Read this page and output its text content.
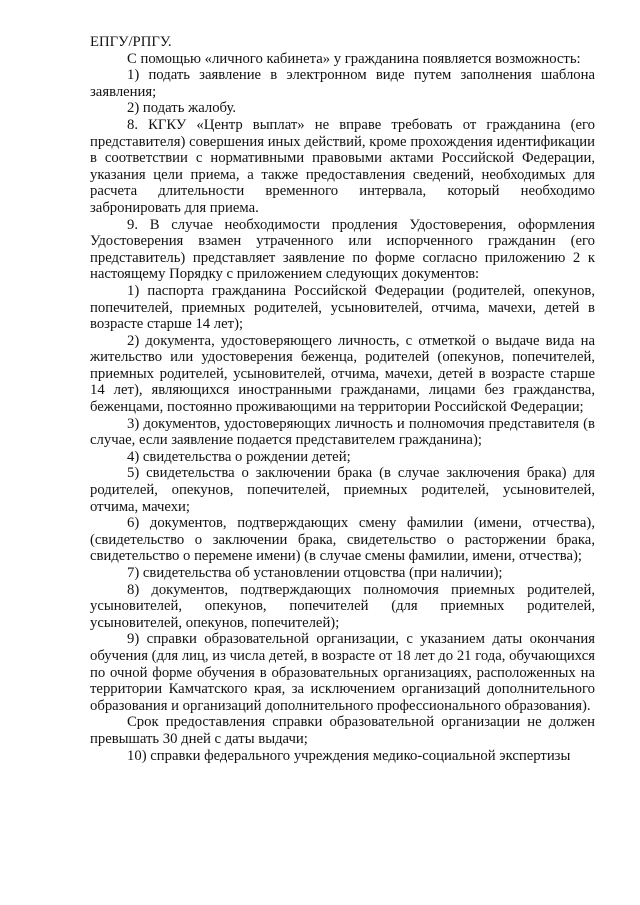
ЕПГУ/РПГУ.

С помощью «личного кабинета» у гражданина появляется возможность:

1) подать заявление в электронном виде путем заполнения шаблона заявления;

2) подать жалобу.

8. КГКУ «Центр выплат» не вправе требовать от гражданина (его представителя) совершения иных действий, кроме прохождения идентификации в соответствии с нормативными правовыми актами Российской Федерации, указания цели приема, а также предоставления сведений, необходимых для расчета длительности временного интервала, который необходимо забронировать для приема.

9. В случае необходимости продления Удостоверения, оформления Удостоверения взамен утраченного или испорченного гражданин (его представитель) представляет заявление по форме согласно приложению 2 к настоящему Порядку с приложением следующих документов:

1) паспорта гражданина Российской Федерации (родителей, опекунов, попечителей, приемных родителей, усыновителей, отчима, мачехи, детей в возрасте старше 14 лет);

2) документа, удостоверяющего личность, с отметкой о выдаче вида на жительство или удостоверения беженца, родителей (опекунов, попечителей, приемных родителей, усыновителей, отчима, мачехи, детей в возрасте старше 14 лет), являющихся иностранными гражданами, лицами без гражданства, беженцами, постоянно проживающими на территории Российской Федерации;

3) документов, удостоверяющих личность и полномочия представителя (в случае, если заявление подается представителем гражданина);

4) свидетельства о рождении детей;

5) свидетельства о заключении брака (в случае заключения брака) для родителей, опекунов, попечителей, приемных родителей, усыновителей, отчима, мачехи;

6) документов, подтверждающих смену фамилии (имени, отчества), (свидетельство о заключении брака, свидетельство о расторжении брака, свидетельство о перемене имени) (в случае смены фамилии, имени, отчества);

7) свидетельства об установлении отцовства (при наличии);

8) документов, подтверждающих полномочия приемных родителей, усыновителей, опекунов, попечителей (для приемных родителей, усыновителей, опекунов, попечителей);

9) справки образовательной организации, с указанием даты окончания обучения (для лиц, из числа детей, в возрасте от 18 лет до 21 года, обучающихся по очной форме обучения в образовательных организациях, расположенных на территории Камчатского края, за исключением организаций дополнительного образования и организаций дополнительного профессионального образования).

Срок предоставления справки образовательной организации не должен превышать 30 дней с даты выдачи;

10) справки федерального учреждения медико-социальной экспертизы
